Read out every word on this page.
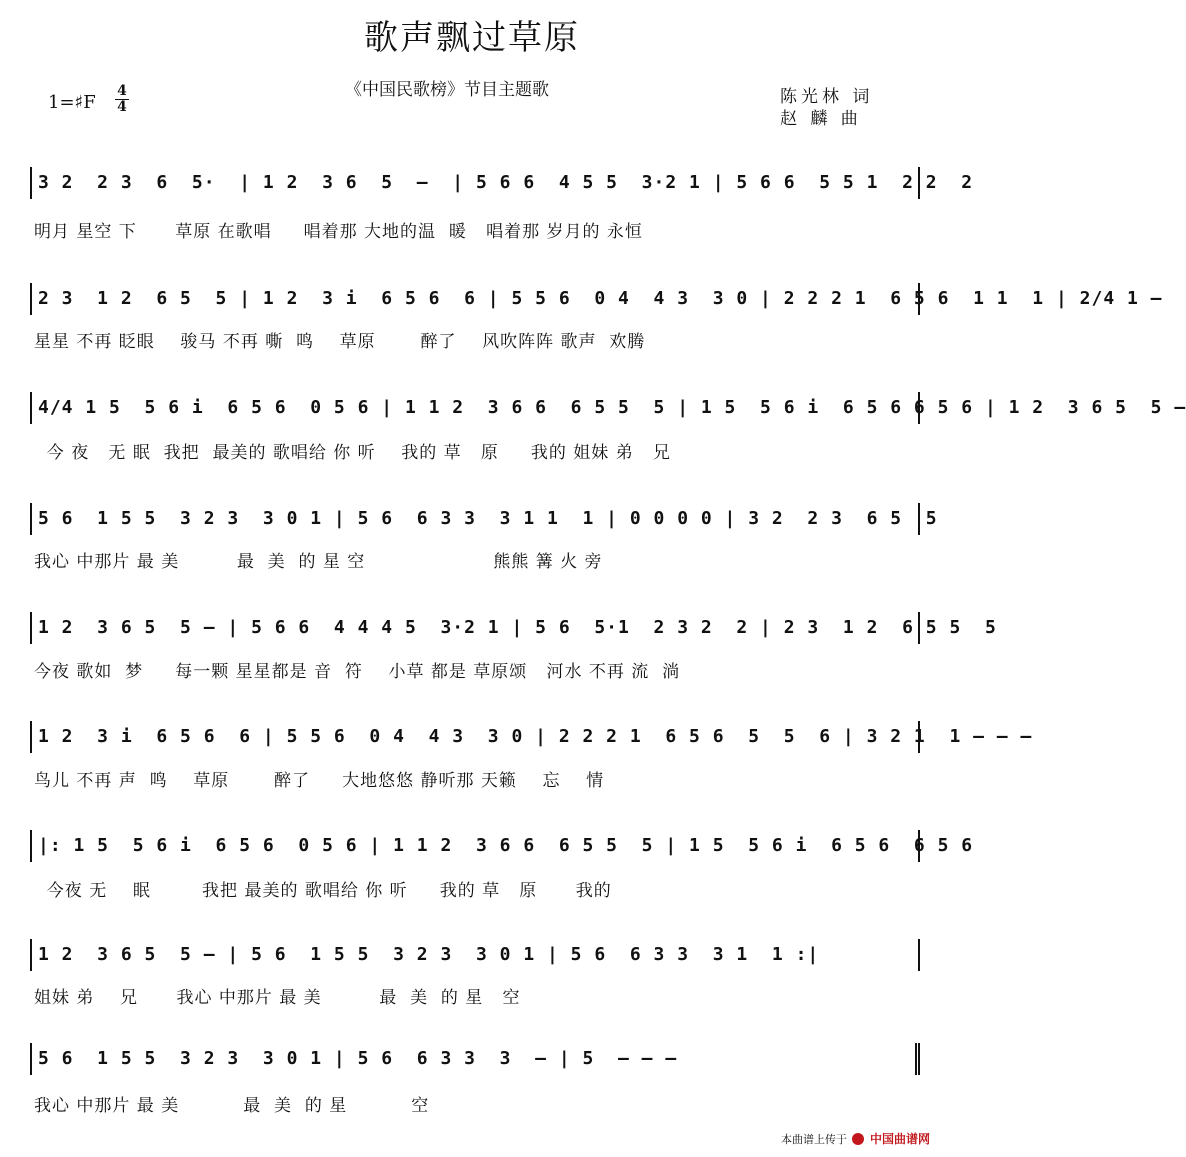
歌声飘过草原
《中国民歌榜》节目主题歌	陈光林 词
赵 麟 曲
1=♯F
4
4
3 2  2 3  6  5·  | 1 2  3 6  5  –  | 5 6 6  4 5 5  3·2 1 | 5 6 6  5 5 1  2 2  2
明月 星空 下      草原 在歌唱     唱着那 大地的温  暖   唱着那 岁月的 永恒
2 3  1 2  6 5  5 | 1 2  3 i  6 5 6  6 | 5 5 6  0 4  4 3  3 0 | 2 2 2 1  6 5 6  1 1  1 | 2/4 1 –
星星 不再 眨眼    骏马 不再 嘶  鸣    草原       醉了    风吹阵阵 歌声  欢腾
4/4 1 5  5 6 i  6 5 6  0 5 6 | 1 1 2  3 6 6  6 5 5  5 | 1 5  5 6 i  6 5 6 6 5 6 | 1 2  3 6 5  5 –
今 夜   无 眠  我把  最美的 歌唱给 你 听    我的 草   原     我的 姐妹 弟   兄
5 6  1 5 5  3 2 3  3 0 1 | 5 6  6 3 3  3 1 1  1 | 0 0 0 0 | 3 2  2 3  6 5  5
我心 中那片 最 美         最  美  的 星 空                    熊熊 篝 火 旁
1 2  3 6 5  5 – | 5 6 6  4 4 4 5  3·2 1 | 5 6  5·1  2 3 2  2 | 2 3  1 2  6 5 5  5
今夜 歌如  梦     每一颗 星星都是 音  符    小草 都是 草原颂   河水 不再 流  淌
1 2  3 i  6 5 6  6 | 5 5 6  0 4  4 3  3 0 | 2 2 2 1  6 5 6  5  5  6 | 3 2 1  1 – – –
鸟儿 不再 声  鸣    草原       醉了     大地悠悠 静听那 天籁    忘    情
|: 1 5  5 6 i  6 5 6  0 5 6 | 1 1 2  3 6 6  6 5 5  5 | 1 5  5 6 i  6 5 6  6 5 6
今夜 无    眠        我把 最美的 歌唱给 你 听     我的 草   原      我的
1 2  3 6 5  5 – | 5 6  1 5 5  3 2 3  3 0 1 | 5 6  6 3 3  3 1  1 :|
姐妹 弟    兄      我心 中那片 最 美         最  美  的 星   空
5 6  1 5 5  3 2 3  3 0 1 | 5 6  6 3 3  3  – | 5  – – –
我心 中那片 最 美          最  美  的 星          空
本曲谱上传于 中国曲谱网
